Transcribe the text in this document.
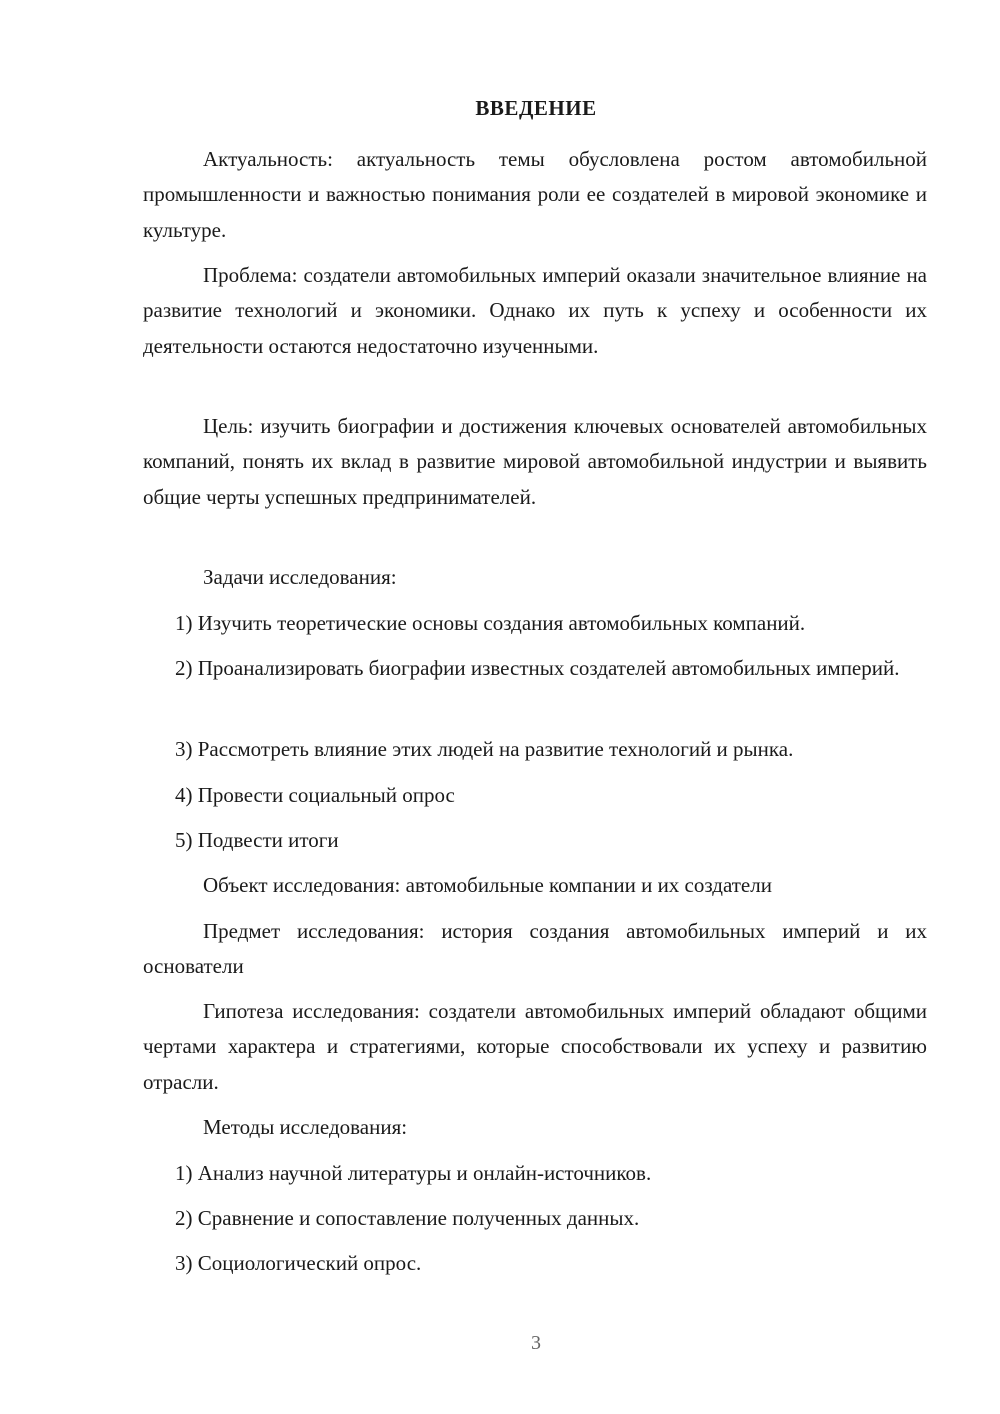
ВВЕДЕНИЕ

Актуальность: актуальность темы обусловлена ростом автомобильной промышленности и важностью понимания роли ее создателей в мировой экономике и культуре.

Проблема: создатели автомобильных империй оказали значительное влияние на развитие технологий и экономики. Однако их путь к успеху и особенности их деятельности остаются недостаточно изученными.

Цель: изучить биографии и достижения ключевых основателей автомобильных компаний, понять их вклад в развитие мировой автомобильной индустрии и выявить общие черты успешных предпринимателей.

Задачи исследования:

1) Изучить теоретические основы создания автомобильных компаний.

2) Проанализировать биографии известных создателей автомобильных империй.

3) Рассмотреть влияние этих людей на развитие технологий и рынка.

4) Провести социальный опрос

5) Подвести итоги

Объект исследования: автомобильные компании и их создатели

Предмет исследования: история создания автомобильных империй и их основатели

Гипотеза исследования: создатели автомобильных империй обладают общими чертами характера и стратегиями, которые способствовали их успеху и развитию отрасли.

Методы исследования:

1) Анализ научной литературы и онлайн-источников.

2) Сравнение и сопоставление полученных данных.

3) Социологический опрос.

3
